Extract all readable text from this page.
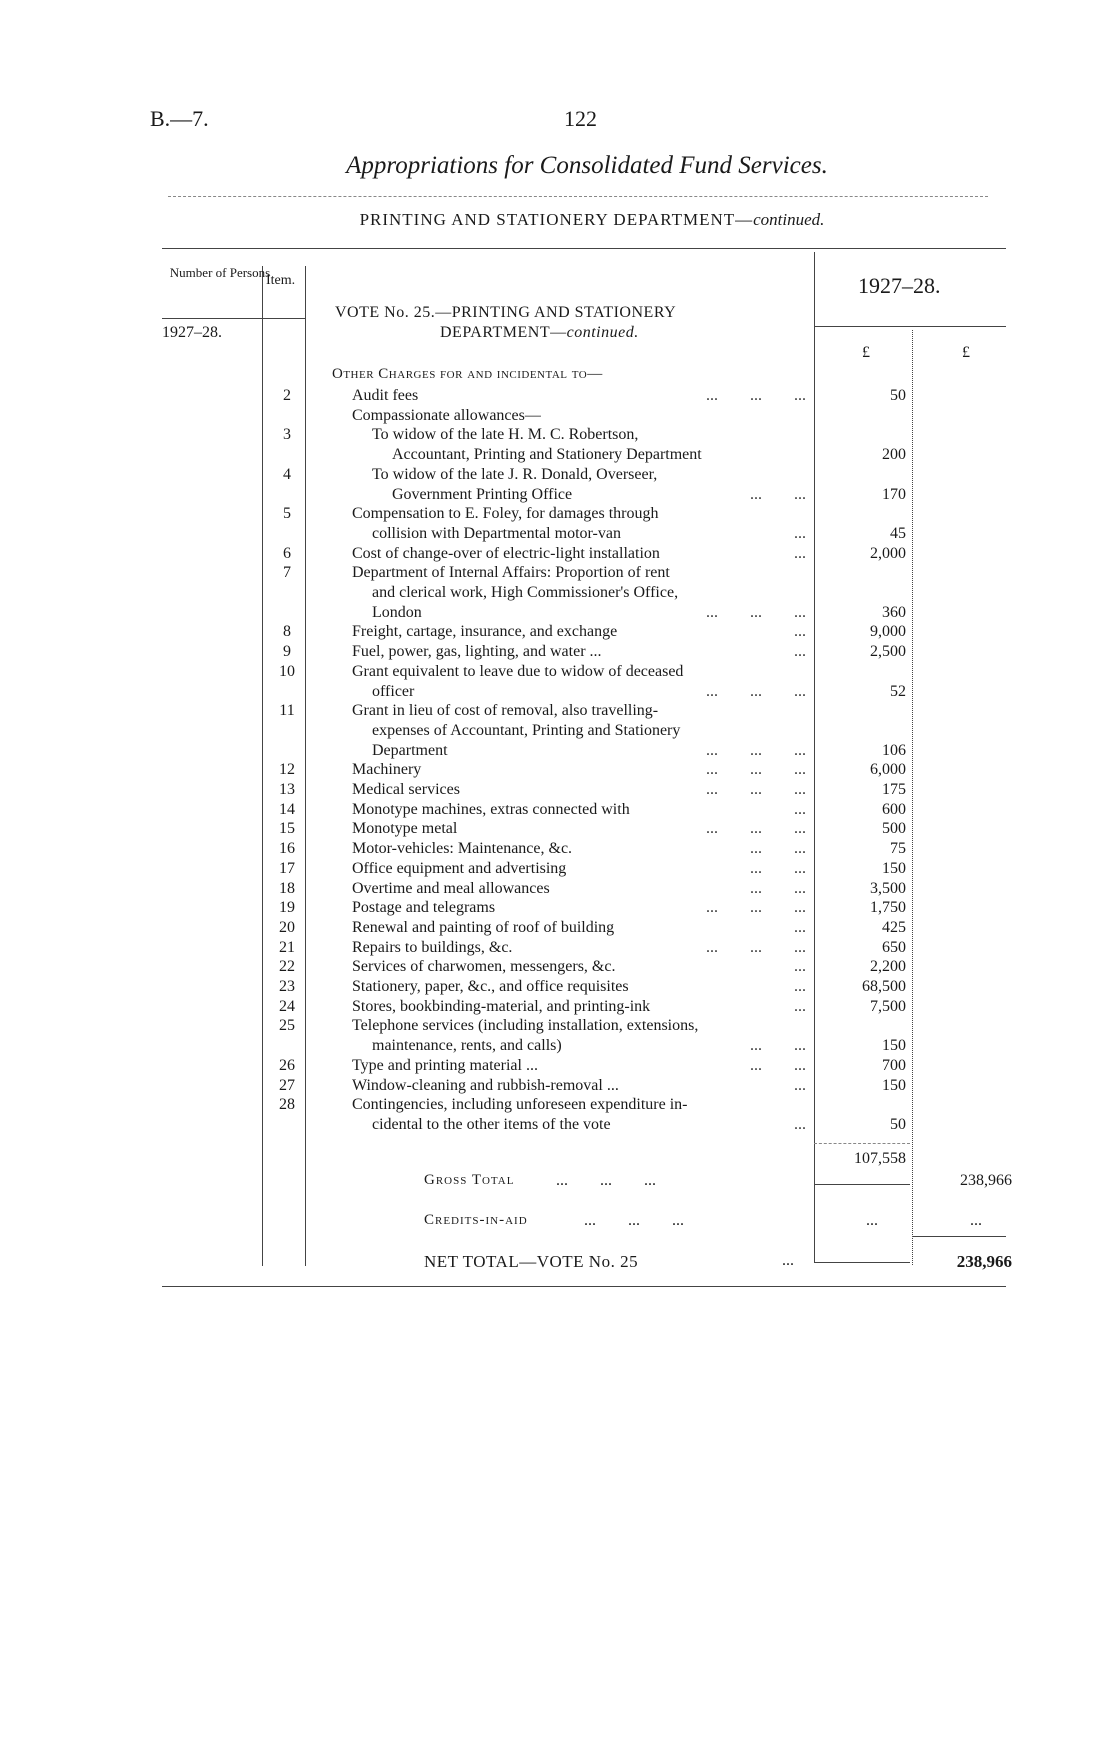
B.—7.	122
Appropriations for Consolidated Fund Services.
PRINTING AND STATIONERY DEPARTMENT—continued.
Number of Persons
Item.
1927–28.
1927–28.
£	£
VOTE No. 25.—PRINTING AND STATIONERY
DEPARTMENT—continued.
Other Charges for and incidental to—
2	Audit fees	...        ...        ...	50
Compassionate allowances—
3	To widow of the late H. M. C. Robertson,
Accountant, Printing and Stationery Department	200
4	To widow of the late J. R. Donald, Overseer,
Government Printing Office	...        ...	170
5	Compensation to E. Foley, for damages through
collision with Departmental motor-van	...	45
6	Cost of change-over of electric-light installation	...	2,000
7	Department of Internal Affairs: Proportion of rent
and clerical work, High Commissioner's Office,
London	...        ...        ...	360
8	Freight, cartage, insurance, and exchange	...	9,000
9	Fuel, power, gas, lighting, and water ...	...	2,500
10	Grant equivalent to leave due to widow of deceased
officer	...        ...        ...	52
11	Grant in lieu of cost of removal, also travelling-
expenses of Accountant, Printing and Stationery
Department	...        ...        ...	106
12	Machinery	...        ...        ...	6,000
13	Medical services	...        ...        ...	175
14	Monotype machines, extras connected with	...	600
15	Monotype metal	...        ...        ...	500
16	Motor-vehicles: Maintenance, &c.	...        ...	75
17	Office equipment and advertising	...        ...	150
18	Overtime and meal allowances	...        ...	3,500
19	Postage and telegrams	...        ...        ...	1,750
20	Renewal and painting of roof of building	...	425
21	Repairs to buildings, &c.	...        ...        ...	650
22	Services of charwomen, messengers, &c.	...	2,200
23	Stationery, paper, &c., and office requisites	...	68,500
24	Stores, bookbinding-material, and printing-ink	...	7,500
25	Telephone services (including installation, extensions,
maintenance, rents, and calls)	...        ...	150
26	Type and printing material ...	...        ...	700
27	Window-cleaning and rubbish-removal ...	...	150
28	Contingencies, including unforeseen expenditure in-
cidental to the other items of the vote	...	50
107,558
Gross Total	...        ...        ...	238,966
Credits-in-aid	...        ...        ...	...	...
NET TOTAL—VOTE No. 25	...	238,966
